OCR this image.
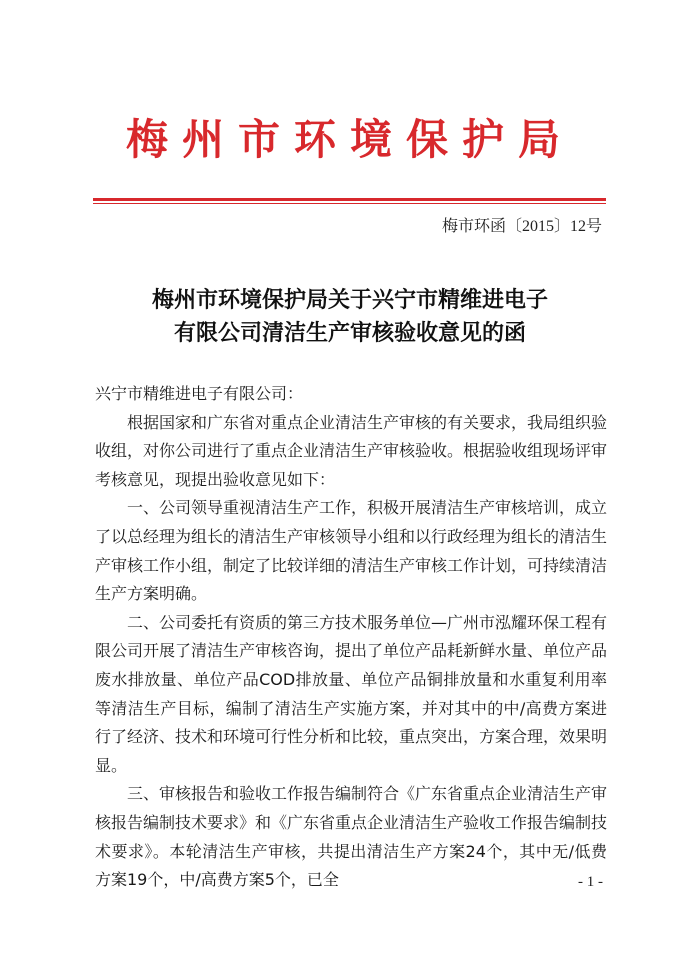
梅州市环境保护局
梅市环函〔2015〕12号
梅州市环境保护局关于兴宁市精维进电子
有限公司清洁生产审核验收意见的函

兴宁市精维进电子有限公司：

根据国家和广东省对重点企业清洁生产审核的有关要求，我局组织验收组，对你公司进行了重点企业清洁生产审核验收。根据验收组现场评审考核意见，现提出验收意见如下：

一、公司领导重视清洁生产工作，积极开展清洁生产审核培训，成立了以总经理为组长的清洁生产审核领导小组和以行政经理为组长的清洁生产审核工作小组，制定了比较详细的清洁生产审核工作计划，可持续清洁生产方案明确。

二、公司委托有资质的第三方技术服务单位—广州市泓耀环保工程有限公司开展了清洁生产审核咨询，提出了单位产品耗新鲜水量、单位产品废水排放量、单位产品COD排放量、单位产品铜排放量和水重复利用率等清洁生产目标，编制了清洁生产实施方案，并对其中的中/高费方案进行了经济、技术和环境可行性分析和比较，重点突出，方案合理，效果明显。

三、审核报告和验收工作报告编制符合《广东省重点企业清洁生产审核报告编制技术要求》和《广东省重点企业清洁生产验收工作报告编制技术要求》。本轮清洁生产审核，共提出清洁生产方案24个，其中无/低费方案19个，中/高费方案5个，已全	- 1 -
